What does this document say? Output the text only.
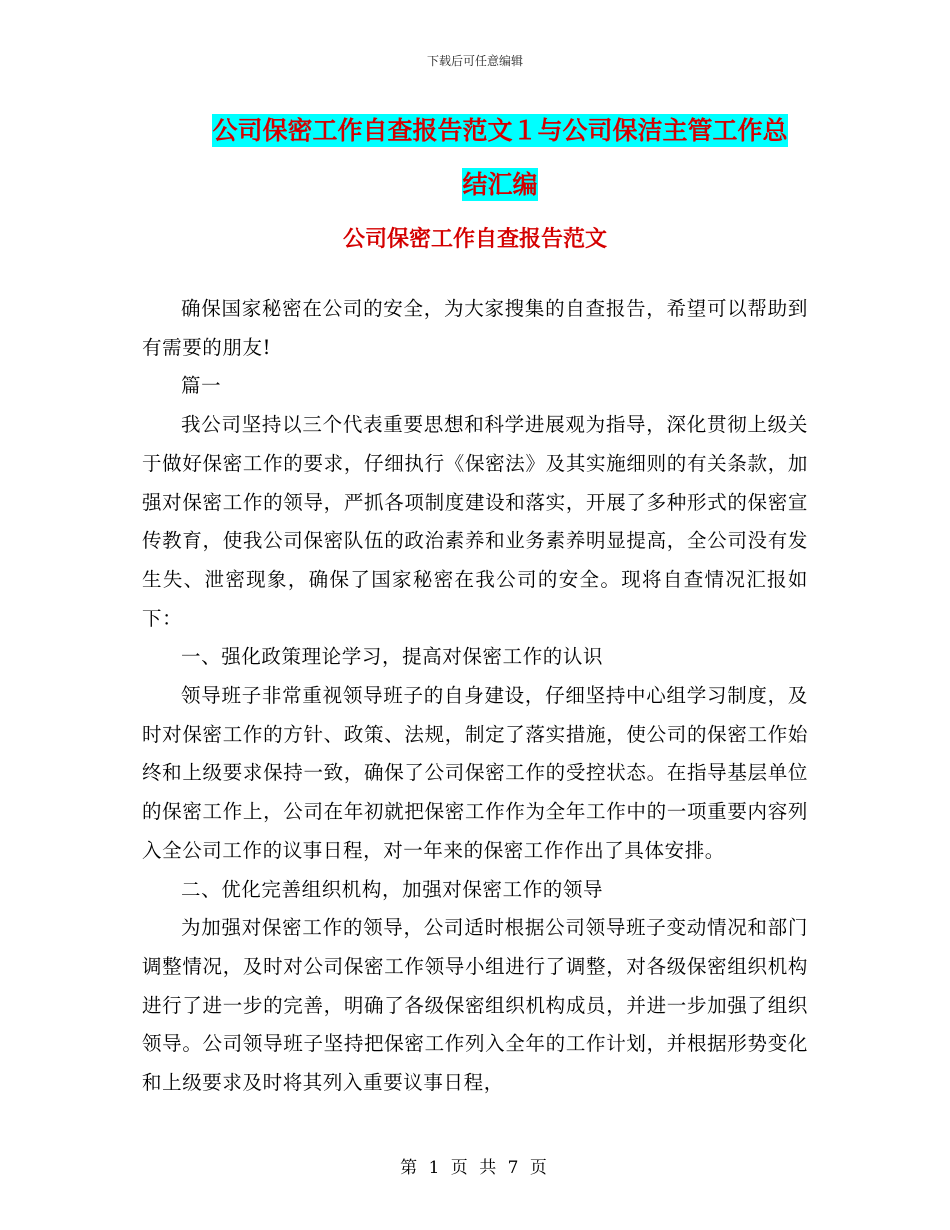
下载后可任意编辑
公司保密工作自查报告范文１与公司保洁主管工作总
结汇编
公司保密工作自查报告范文

确保国家秘密在公司的安全，为大家搜集的自查报告，希望可以帮助到有需要的朋友!

篇一

我公司坚持以三个代表重要思想和科学进展观为指导，深化贯彻上级关于做好保密工作的要求，仔细执行《保密法》及其实施细则的有关条款，加强对保密工作的领导，严抓各项制度建设和落实，开展了多种形式的保密宣传教育，使我公司保密队伍的政治素养和业务素养明显提高，全公司没有发生失、泄密现象，确保了国家秘密在我公司的安全。现将自查情况汇报如下：

一、强化政策理论学习，提高对保密工作的认识

领导班子非常重视领导班子的自身建设，仔细坚持中心组学习制度，及时对保密工作的方针、政策、法规，制定了落实措施，使公司的保密工作始终和上级要求保持一致，确保了公司保密工作的受控状态。在指导基层单位的保密工作上，公司在年初就把保密工作作为全年工作中的一项重要内容列入全公司工作的议事日程，对一年来的保密工作作出了具体安排。

二、优化完善组织机构，加强对保密工作的领导

为加强对保密工作的领导，公司适时根据公司领导班子变动情况和部门调整情况，及时对公司保密工作领导小组进行了调整，对各级保密组织机构进行了进一步的完善，明确了各级保密组织机构成员，并进一步加强了组织领导。公司领导班子坚持把保密工作列入全年的工作计划，并根据形势变化和上级要求及时将其列入重要议事日程，

第 1 页 共 7 页
